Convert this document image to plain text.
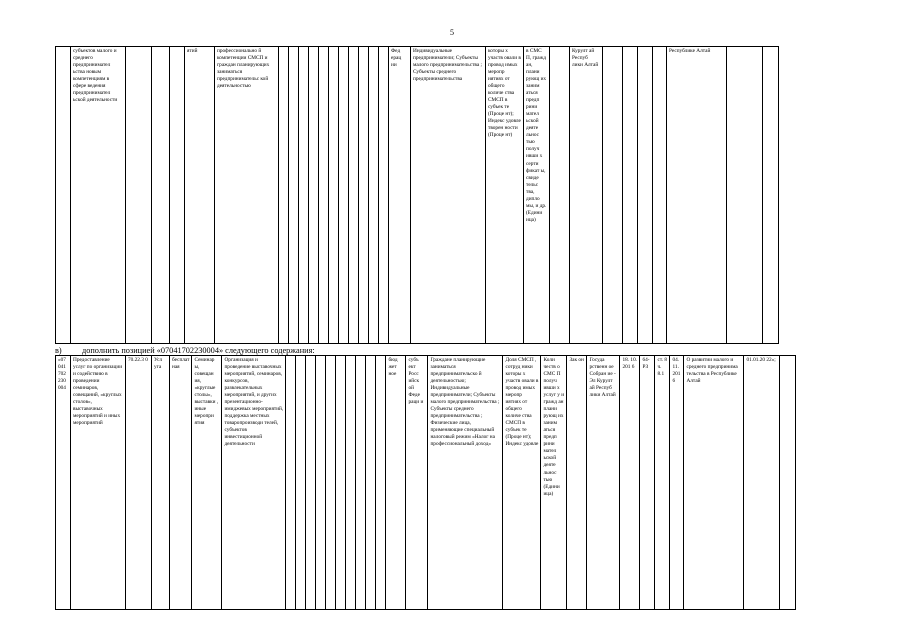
5
	субъектов малого и среднего предпринимател ьства новым компетенциям в сфере ведения предпринимател ьской деятельности				ятий	профессионально й компетенции СМСП и граждан планирующих заниматься предпринимательс кой деятельностью												Фед ерац ии	Индивидуальные предприниматели; Субъекты малого предпринимательства ; Субъекты среднего предпринимательства	которы х участв овали в провод имых меропр иятиях от общего количе ства СМСП в субъек те (Проце нт); Индекс удовле творен ности (Проце нт)	в СМС П, гражд ан, плани рующ их заним аться предп рини мател ьской деяте льнос тью получ ивши х серти фикат ы, свиде тельс тва, дипло мы, и др. (Едини ица)		Курулт ай Респуб лики Алтай					Республике Алтай		
в) дополнить позицией «07041702230004» следующего содержания:
«07 041 702 230 004	Предоставление услуг по организации и содействию в проведении семинаров, совещаний, «круглых столов», выставочных мероприятий и иных мероприятий	70.22.3 0	Усл уга	бесплат ная	Семинар ы, совещан ия, «круглые столы», выставки , иные меропри ятия	Организация и проведение выставочных мероприятий, семинаров, конкурсов, развлекательных мероприятий, и других презентационно-имиджевых мероприятий, поддержка местных товаропроизводи телей, субъектов инвестиционной деятельности											бюд жет ное	субъ ект Росс ийск ой Феде раци и	Граждане планирующие заниматься предпринимательско й деятельностью; Индивидуальные предприниматели; Субъекты малого предпринимательства ; Субъекты среднего предпринимательства ; Физические лица, применяющие специальный налоговый режим «Налог на профессиональный доход»	Доля СМСП , сотруд ники которы х участв овали в провод имых меропр иятиях от общего количе ства СМСП в субъек те (Проце нт); Индекс удовле	Коли честв о СМС П получ ивши х услуг у и гражд ан плани рующ их заним аться предп рини мател ьской деяте льнос тью (Едини ица)	Зак он	Госуда рственн ое Собран ие - Эл Курулт ай Респуб лики Алтай	18. 10. 201 6	64- РЗ	ст. 8 ч. 8.1	04. 11. 201 6	О развитии малого и среднего предпринима тельства в Республике Алтай	01.01.20 22»;	
